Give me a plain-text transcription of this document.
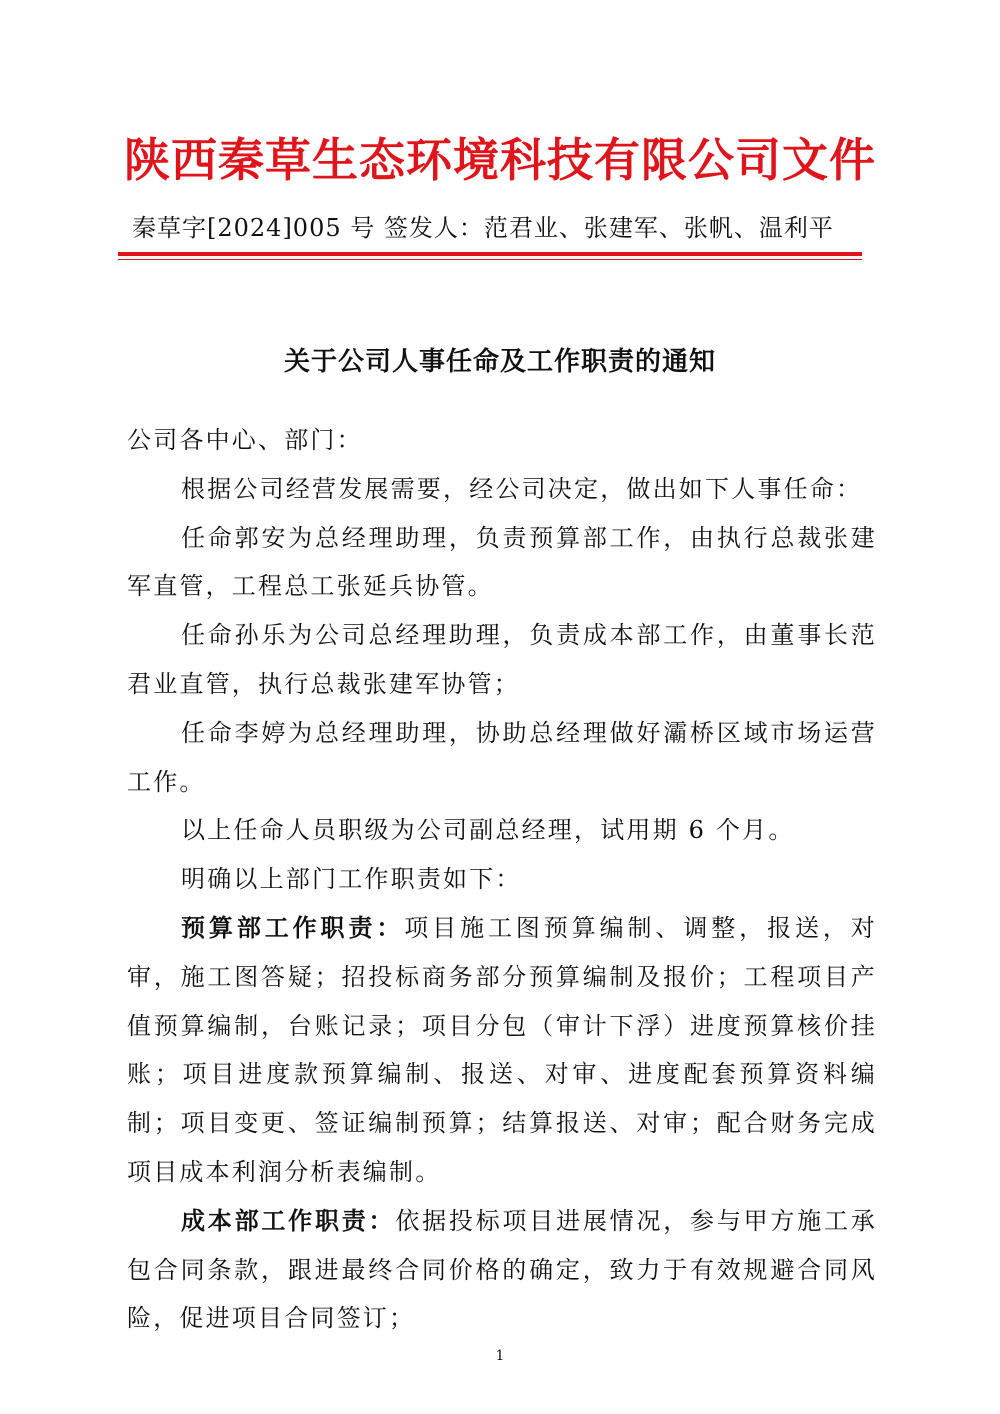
陕西秦草生态环境科技有限公司文件
秦草字[2024]005 号 签发人：范君业、张建军、张帆、温利平
关于公司人事任命及工作职责的通知

公司各中心、部门：

根据公司经营发展需要，经公司决定，做出如下人事任命：

任命郭安为总经理助理，负责预算部工作，由执行总裁张建军直管，工程总工张延兵协管。

任命孙乐为公司总经理助理，负责成本部工作，由董事长范君业直管，执行总裁张建军协管；

任命李婷为总经理助理，协助总经理做好灞桥区域市场运营工作。

以上任命人员职级为公司副总经理，试用期 6 个月。

明确以上部门工作职责如下：

预算部工作职责：项目施工图预算编制、调整，报送，对审，施工图答疑；招投标商务部分预算编制及报价；工程项目产值预算编制，台账记录；项目分包（审计下浮）进度预算核价挂账；项目进度款预算编制、报送、对审、进度配套预算资料编制；项目变更、签证编制预算；结算报送、对审；配合财务完成项目成本利润分析表编制。

成本部工作职责：依据投标项目进展情况，参与甲方施工承包合同条款，跟进最终合同价格的确定，致力于有效规避合同风险，促进项目合同签订；

1
